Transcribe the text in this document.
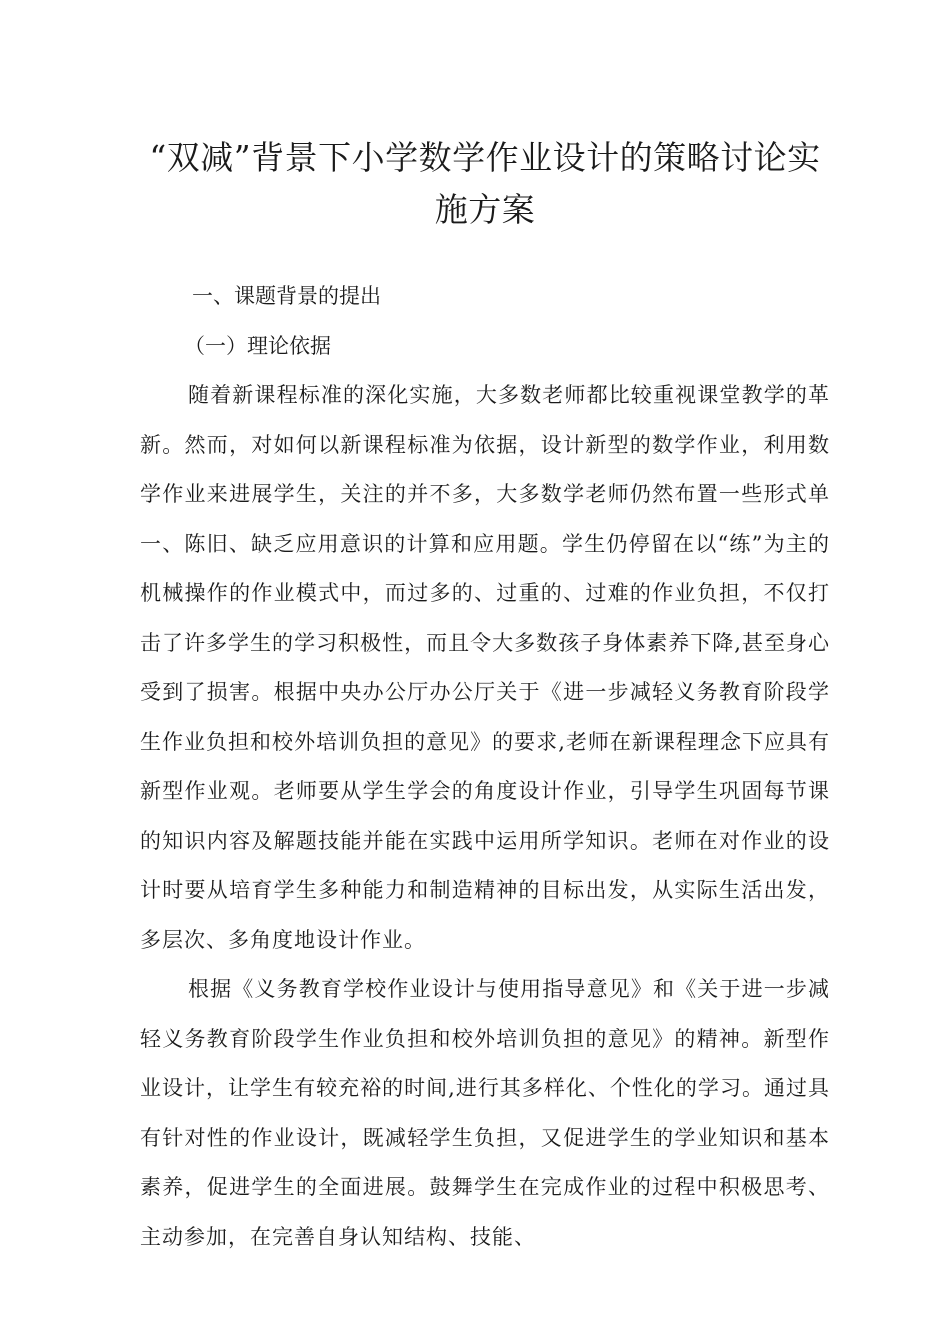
“双减”背景下小学数学作业设计的策略讨论实施方案
一、课题背景的提出
（一）理论依据

随着新课程标准的深化实施，大多数老师都比较重视课堂教学的革新。然而，对如何以新课程标准为依据，设计新型的数学作业，利用数学作业来进展学生，关注的并不多，大多数学老师仍然布置一些形式单一、陈旧、缺乏应用意识的计算和应用题。学生仍停留在以“练”为主的机械操作的作业模式中，而过多的、过重的、过难的作业负担，不仅打击了许多学生的学习积极性，而且令大多数孩子身体素养下降,甚至身心受到了损害。根据中央办公厅办公厅关于《进一步减轻义务教育阶段学生作业负担和校外培训负担的意见》的要求,老师在新课程理念下应具有新型作业观。老师要从学生学会的角度设计作业，引导学生巩固每节课的知识内容及解题技能并能在实践中运用所学知识。老师在对作业的设计时要从培育学生多种能力和制造精神的目标出发，从实际生活出发，多层次、多角度地设计作业。

根据《义务教育学校作业设计与使用指导意见》和《关于进一步减轻义务教育阶段学生作业负担和校外培训负担的意见》的精神。新型作业设计，让学生有较充裕的时间,进行其多样化、个性化的学习。通过具有针对性的作业设计，既减轻学生负担，又促进学生的学业知识和基本素养，促进学生的全面进展。鼓舞学生在完成作业的过程中积极思考、主动参加，在完善自身认知结构、技能、
